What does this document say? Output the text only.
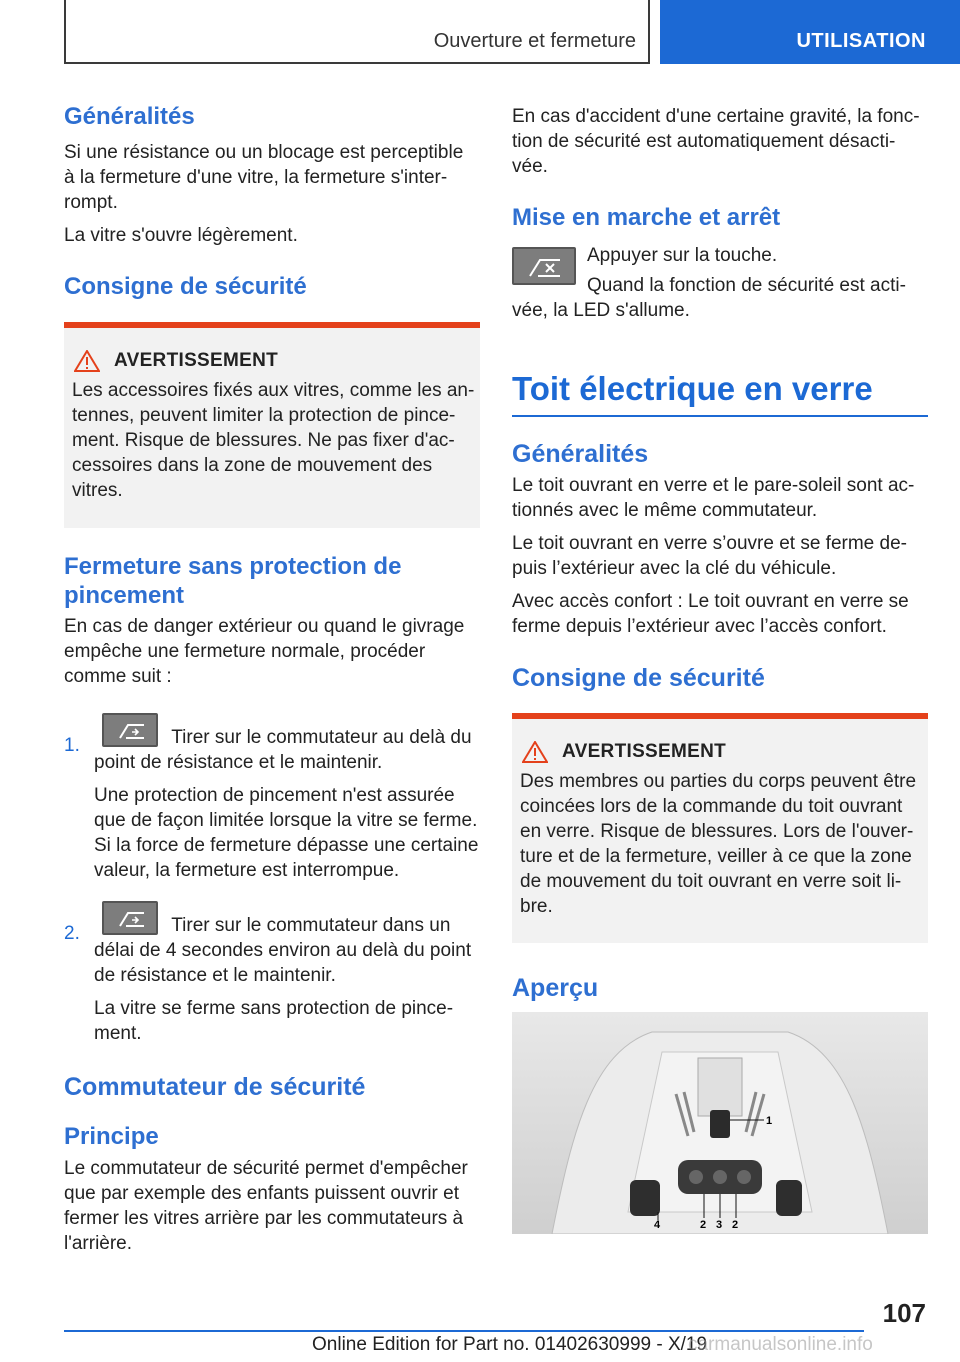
Ouverture et fermeture	UTILISATION
Généralités
Si une résistance ou un blocage est perceptible
à la fermeture d'une vitre, la fermeture s'inter-
rompt.
La vitre s'ouvre légèrement.
Consigne de sécurité
AVERTISSEMENT
Les accessoires fixés aux vitres, comme les an-
tennes, peuvent limiter la protection de pince-
ment. Risque de blessures. Ne pas fixer d'ac-
cessoires dans la zone de mouvement des
vitres.
Fermeture sans protection de
pincement
En cas de danger extérieur ou quand le givrage
empêche une fermeture normale, procéder
comme suit :
1.	Tirer sur le commutateur au delà du
point de résistance et le maintenir.
Une protection de pincement n'est assurée
que de façon limitée lorsque la vitre se ferme.
Si la force de fermeture dépasse une certaine
valeur, la fermeture est interrompue.
2.	Tirer sur le commutateur dans un
délai de 4 secondes environ au delà du point
de résistance et le maintenir.
La vitre se ferme sans protection de pince-
ment.
Commutateur de sécurité
Principe
Le commutateur de sécurité permet d'empêcher
que par exemple des enfants puissent ouvrir et
fermer les vitres arrière par les commutateurs à
l'arrière.
En cas d'accident d'une certaine gravité, la fonc-
tion de sécurité est automatiquement désacti-
vée.
Mise en marche et arrêt
Appuyer sur la touche.
Quand la fonction de sécurité est acti-
vée, la LED s'allume.
Toit électrique en verre
Généralités
Le toit ouvrant en verre et le pare-soleil sont ac-
tionnés avec le même commutateur.
Le toit ouvrant en verre s’ouvre et se ferme de-
puis l’extérieur avec la clé du véhicule.
Avec accès confort : Le toit ouvrant en verre se
ferme depuis l’extérieur avec l’accès confort.
Consigne de sécurité
AVERTISSEMENT
Des membres ou parties du corps peuvent être
coincées lors de la commande du toit ouvrant
en verre. Risque de blessures. Lors de l'ouver-
ture et de la fermeture, veiller à ce que la zone
de mouvement du toit ouvrant en verre soit li-
bre.
Aperçu
1
4	2 3 2
107
Online Edition for Part no. 01402630999 - X/19
carmanualsonline.info
